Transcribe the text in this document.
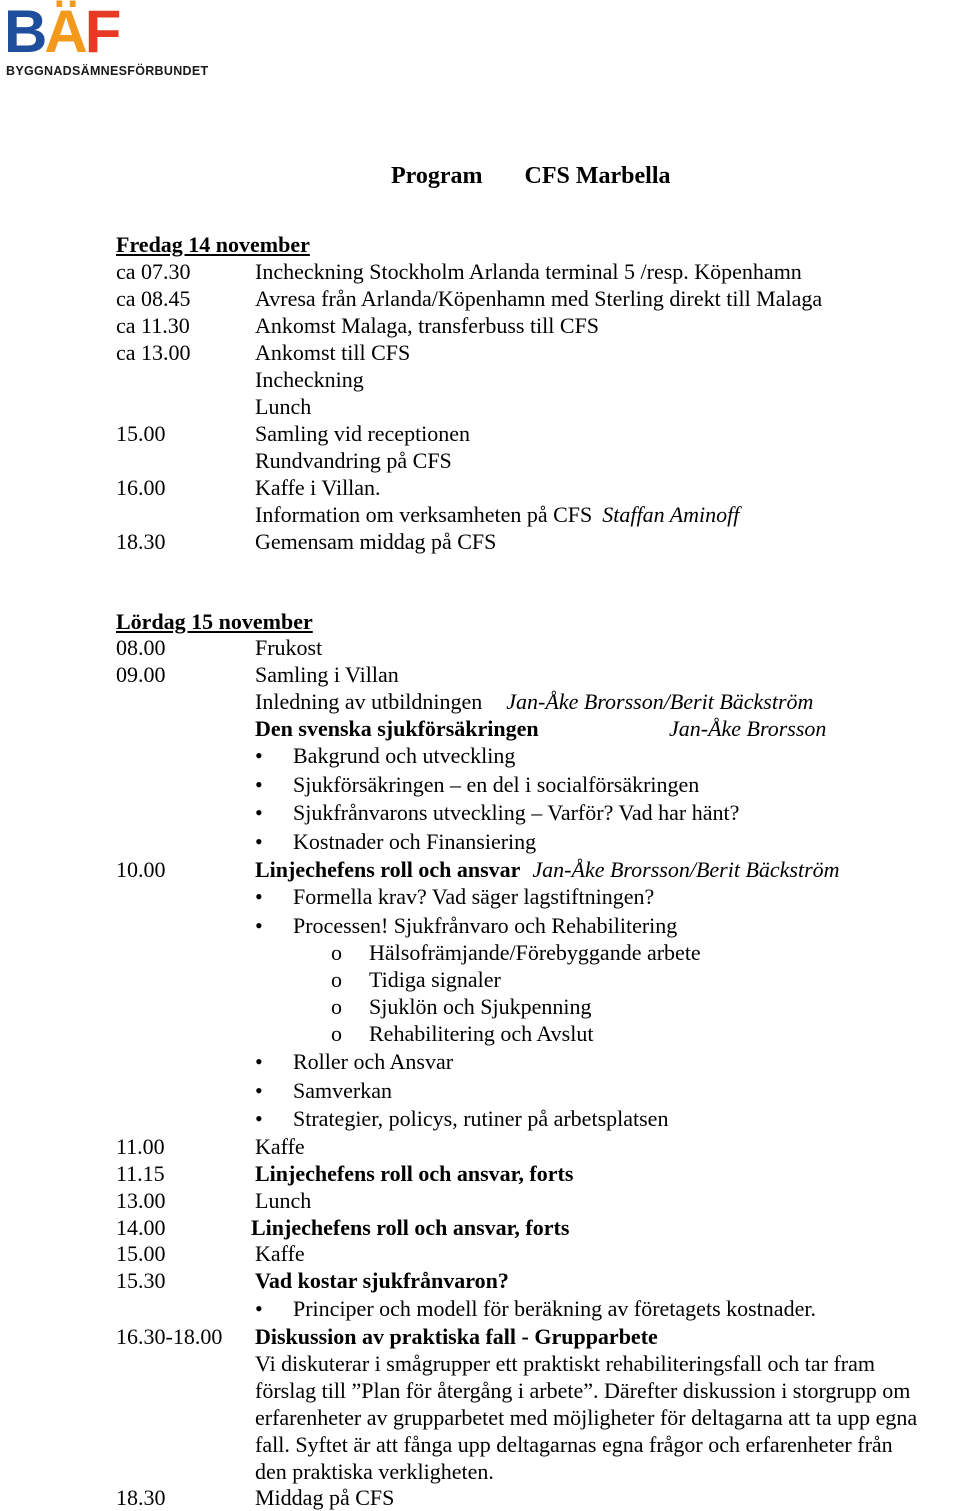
BÄF
BYGGNADSÄMNESFÖRBUNDET
Program CFS Marbella
Fredag 14 november
ca 07.30	Incheckning Stockholm Arlanda terminal 5 /resp. Köpenhamn
ca 08.45	Avresa från Arlanda/Köpenhamn med Sterling direkt till Malaga
ca 11.30	Ankomst Malaga, transferbuss till CFS
ca 13.00	Ankomst till CFS
Incheckning
Lunch
15.00	Samling vid receptionen
Rundvandring på CFS
16.00	Kaffe i Villan.
Information om verksamheten på CFS Staffan Aminoff
18.30	Gemensam middag på CFS
Lördag 15 november
08.00	Frukost
09.00	Samling i Villan
Inledning av utbildningen Jan-Åke Brorsson/Berit Bäckström
Den svenska sjukförsäkringen	Jan-Åke Brorsson
• Bakgrund och utveckling
• Sjukförsäkringen – en del i socialförsäkringen
• Sjukfrånvarons utveckling – Varför? Vad har hänt?
• Kostnader och Finansiering
10.00	Linjechefens roll och ansvar Jan-Åke Brorsson/Berit Bäckström
• Formella krav? Vad säger lagstiftningen?
• Processen! Sjukfrånvaro och Rehabilitering
o Hälsofrämjande/Förebyggande arbete
o Tidiga signaler
o Sjuklön och Sjukpenning
o Rehabilitering och Avslut
• Roller och Ansvar
• Samverkan
• Strategier, policys, rutiner på arbetsplatsen
11.00	Kaffe
11.15	Linjechefens roll och ansvar, forts
13.00	Lunch
14.00	Linjechefens roll och ansvar, forts
15.00	Kaffe
15.30	Vad kostar sjukfrånvaron?
• Principer och modell för beräkning av företagets kostnader.
16.30-18.00 Diskussion av praktiska fall - Grupparbete
Vi diskuterar i smågrupper ett praktiskt rehabiliteringsfall och tar fram
förslag till ”Plan för återgång i arbete”. Därefter diskussion i storgrupp om
erfarenheter av grupparbetet med möjligheter för deltagarna att ta upp egna
fall. Syftet är att fånga upp deltagarnas egna frågor och erfarenheter från
den praktiska verkligheten.
18.30	Middag på CFS
